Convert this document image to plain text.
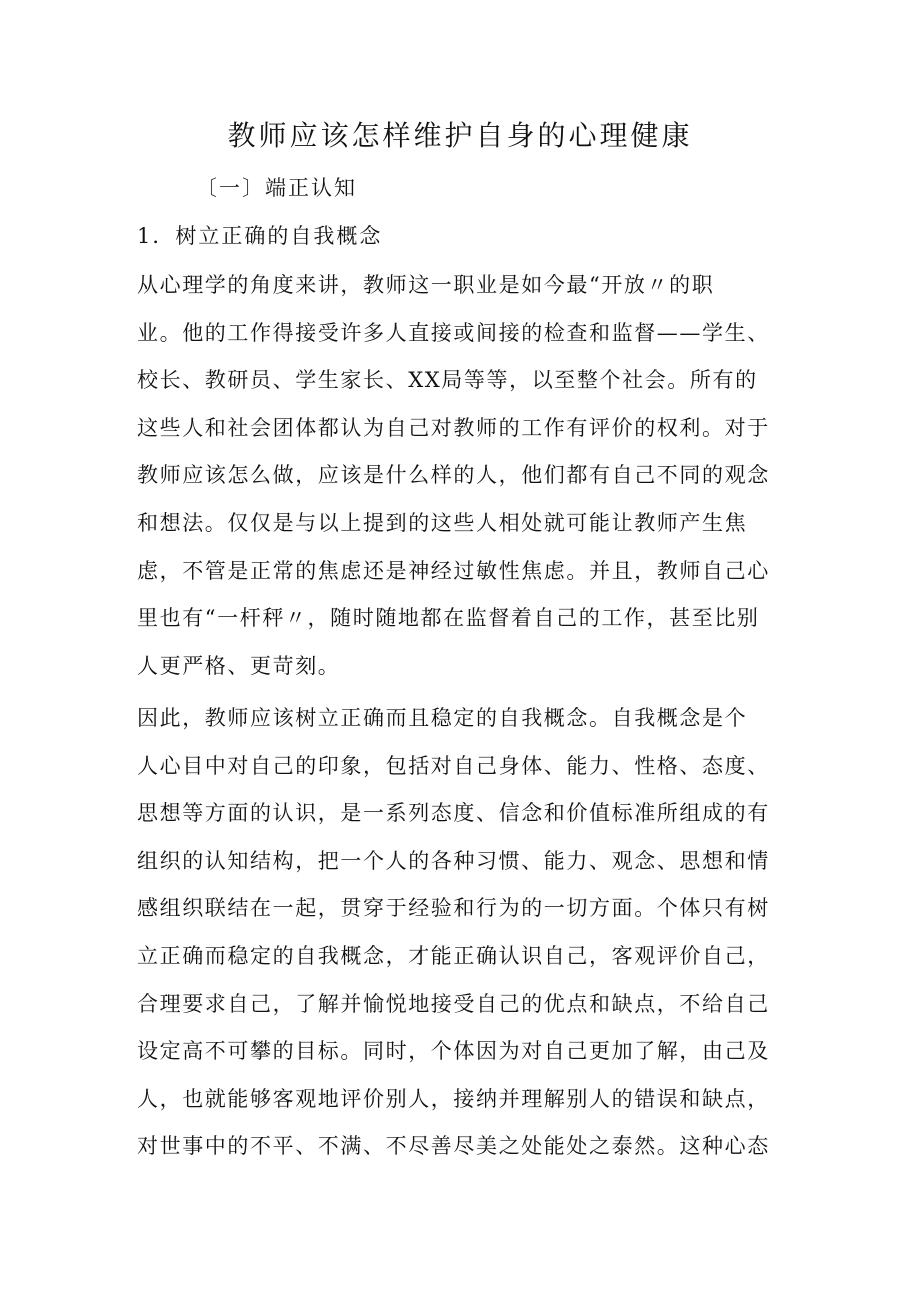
教师应该怎样维护自身的心理健康
〔一〕端正认知
1．树立正确的自我概念
从心理学的角度来讲，教师这一职业是如今最“开放〃的职
业。他的工作得接受许多人直接或间接的检查和监督——学生、
校长、教研员、学生家长、XX局等等，以至整个社会。所有的
这些人和社会团体都认为自己对教师的工作有评价的权利。对于
教师应该怎么做，应该是什么样的人，他们都有自己不同的观念
和想法。仅仅是与以上提到的这些人相处就可能让教师产生焦
虑，不管是正常的焦虑还是神经过敏性焦虑。并且，教师自己心
里也有“一杆秤〃，随时随地都在监督着自己的工作，甚至比别
人更严格、更苛刻。
因此，教师应该树立正确而且稳定的自我概念。自我概念是个
人心目中对自己的印象，包括对自己身体、能力、性格、态度、
思想等方面的认识，是一系列态度、信念和价值标准所组成的有
组织的认知结构，把一个人的各种习惯、能力、观念、思想和情
感组织联结在一起，贯穿于经验和行为的一切方面。个体只有树
立正确而稳定的自我概念，才能正确认识自己，客观评价自己，
合理要求自己，了解并愉悦地接受自己的优点和缺点，不给自己
设定高不可攀的目标。同时，个体因为对自己更加了解，由己及
人，也就能够客观地评价别人，接纳并理解别人的错误和缺点，
对世事中的不平、不满、不尽善尽美之处能处之泰然。这种心态
